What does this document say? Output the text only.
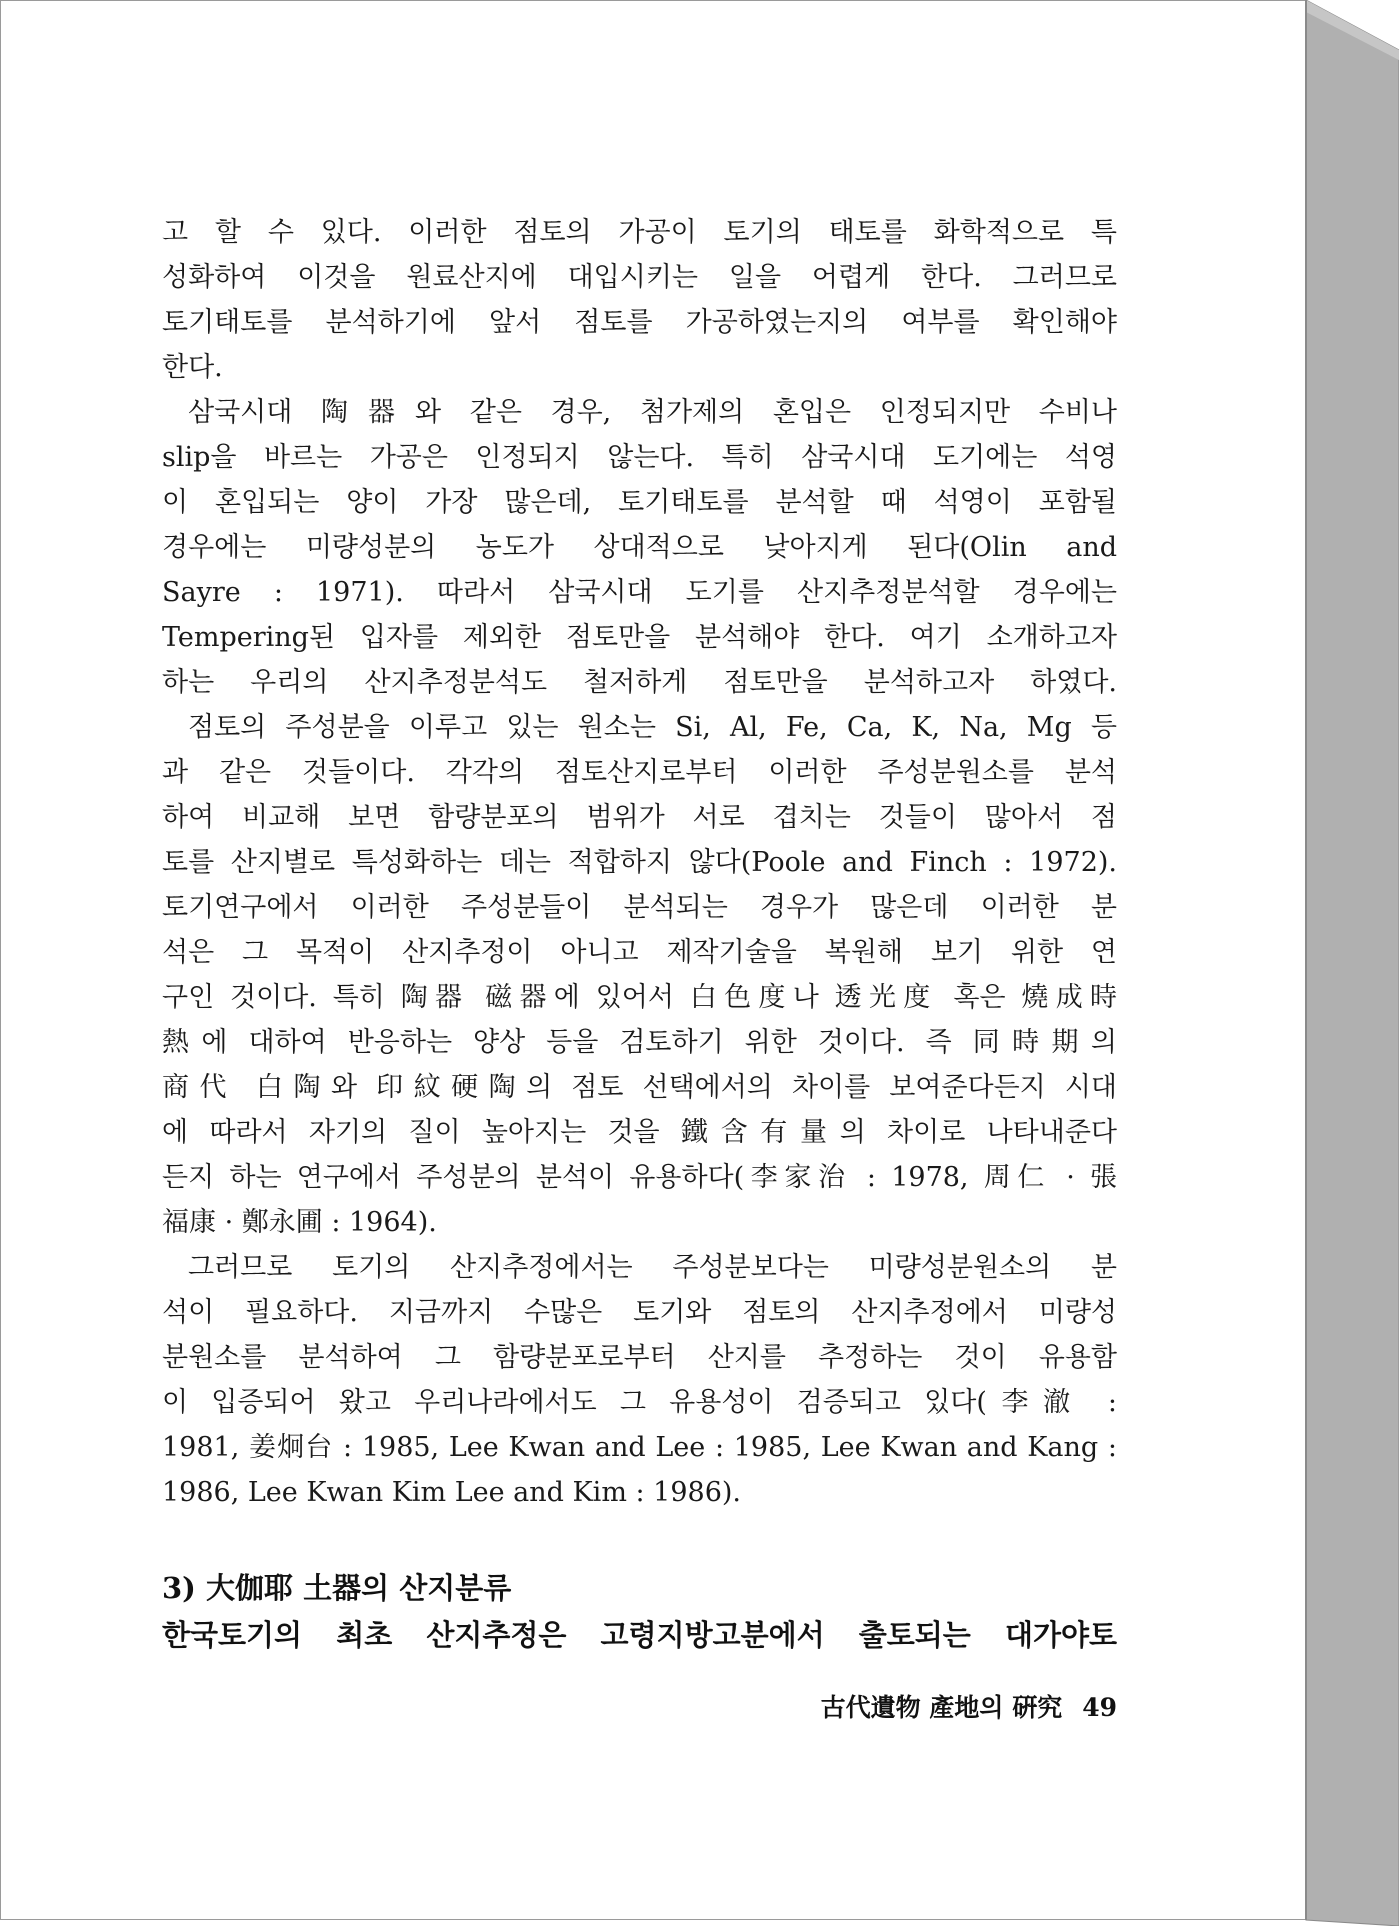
고 할 수 있다. 이러한 점토의 가공이 토기의 태토를 화학적으로 특
성화하여 이것을 원료산지에 대입시키는 일을 어렵게 한다. 그러므로
토기태토를 분석하기에 앞서 점토를 가공하였는지의 여부를 확인해야
한다.
삼국시대 陶器와 같은 경우, 첨가제의 혼입은 인정되지만 수비나
slip을 바르는 가공은 인정되지 않는다. 특히 삼국시대 도기에는 석영
이 혼입되는 양이 가장 많은데, 토기태토를 분석할 때 석영이 포함될
경우에는 미량성분의 농도가 상대적으로 낮아지게 된다(Olin and
Sayre : 1971). 따라서 삼국시대 도기를 산지추정분석할 경우에는
Tempering된 입자를 제외한 점토만을 분석해야 한다. 여기 소개하고자
하는 우리의 산지추정분석도 철저하게 점토만을 분석하고자 하였다.
점토의 주성분을 이루고 있는 원소는 Si, Al, Fe, Ca, K, Na, Mg 등
과 같은 것들이다. 각각의 점토산지로부터 이러한 주성분원소를 분석
하여 비교해 보면 함량분포의 범위가 서로 겹치는 것들이 많아서 점
토를 산지별로 특성화하는 데는 적합하지 않다(Poole and Finch : 1972).
토기연구에서 이러한 주성분들이 분석되는 경우가 많은데 이러한 분
석은 그 목적이 산지추정이 아니고 제작기술을 복원해 보기 위한 연
구인 것이다. 특히 陶器 磁器에 있어서 白色度나 透光度 혹은 燒成時
熱에 대하여 반응하는 양상 등을 검토하기 위한 것이다. 즉 同時期의
商代 白陶와 印紋硬陶의 점토 선택에서의 차이를 보여준다든지 시대
에 따라서 자기의 질이 높아지는 것을 鐵含有量의 차이로 나타내준다
든지 하는 연구에서 주성분의 분석이 유용하다(李家治 : 1978, 周仁 · 張
福康 · 鄭永圃 : 1964).
그러므로 토기의 산지추정에서는 주성분보다는 미량성분원소의 분
석이 필요하다. 지금까지 수많은 토기와 점토의 산지추정에서 미량성
분원소를 분석하여 그 함량분포로부터 산지를 추정하는 것이 유용함
이 입증되어 왔고 우리나라에서도 그 유용성이 검증되고 있다(李澈 :
1981, 姜炯台 : 1985, Lee Kwan and Lee : 1985, Lee Kwan and Kang :
1986, Lee Kwan Kim Lee and Kim : 1986).
3) 大伽耶 土器의 산지분류
한국토기의 최초 산지추정은 고령지방고분에서 출토되는 대가야토
古代遺物 產地의 硏究 49
